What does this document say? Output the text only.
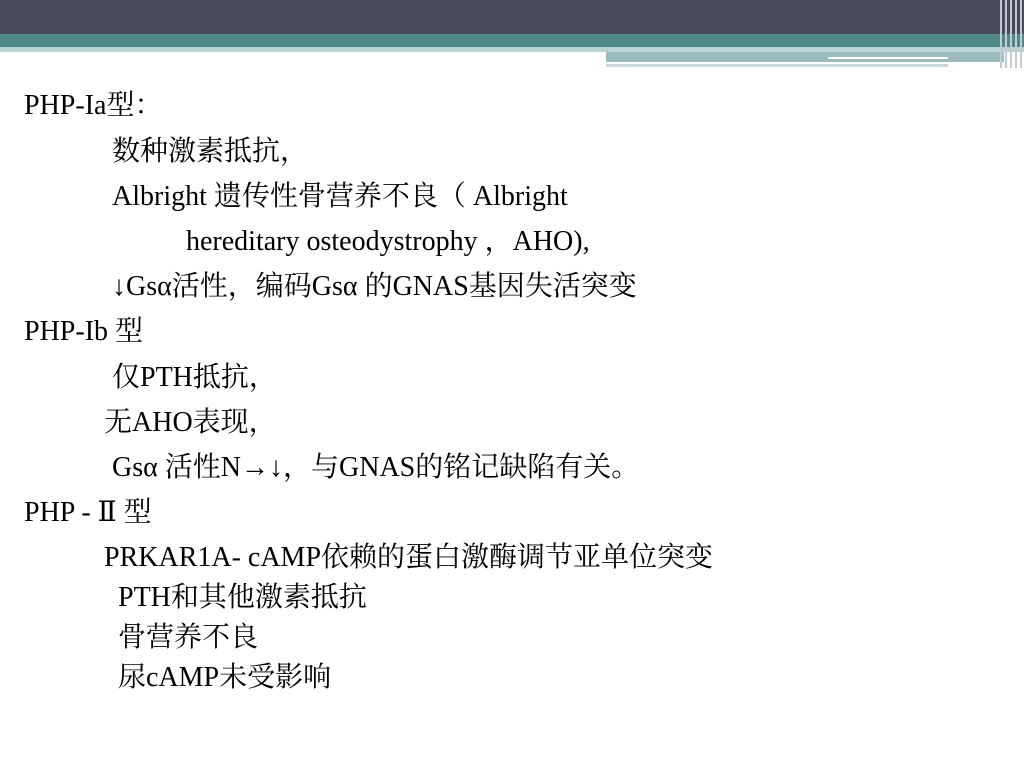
PHP-Ia型：
数种激素抵抗，
Albright 遗传性骨营养不良（ Albright
hereditary osteodystrophy ，AHO),
↓Gsα活性，编码Gsα 的GNAS基因失活突变
PHP-Ib 型
仅PTH抵抗，
无AHO表现，
Gsα 活性N→↓，与GNAS的铭记缺陷有关。
PHP - Ⅱ 型
PRKAR1A- cAMP依赖的蛋白激酶调节亚单位突变
PTH和其他激素抵抗
骨营养不良
尿cAMP未受影响
